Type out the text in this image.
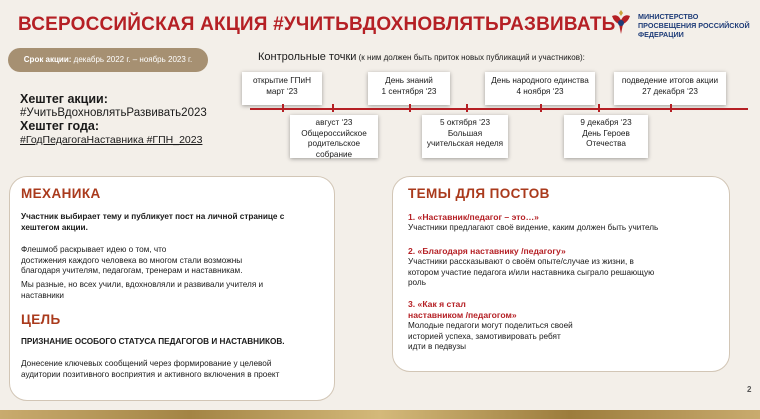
ВСЕРОССИЙСКАЯ АКЦИЯ #УЧИТЬВДОХНОВЛЯТЬРАЗВИВАТЬ	МИНИСТЕРСТВО ПРОСВЕЩЕНИЯ РОССИЙСКОЙ ФЕДЕРАЦИИ
Срок акции: декабрь 2022 г. – ноябрь 2023 г.
Хештег акции:
#УчитьВдохновлятьРазвивать2023
Хештег года:
#ГодПедагогаНаставника #ГПН_2023
Контрольные точки (к ним должен быть приток новых публикаций и участников):
открытие ГПиН
март ‘23
День знаний
1 сентября ‘23
День народного единства
4 ноября ‘23
подведение итогов акции
27 декабря ‘23
август ‘23
Общероссийское
родительское собрание
5 октября ‘23
Большая
учительская неделя
9 декабря ‘23
День Героев
Отечества
МЕХАНИКА
Участник выбирает тему и публикует пост на личной странице с хештегом акции.
Флешмоб раскрывает идею о том, что
достижения каждого человека во многом стали возможны
благодаря учителям, педагогам, тренерам и наставникам.
Мы разные, но всех учили, вдохновляли и развивали учителя и
наставники
ЦЕЛЬ
ПРИЗНАНИЕ ОСОБОГО СТАТУСА ПЕДАГОГОВ И НАСТАВНИКОВ.
Донесение ключевых сообщений через формирование у целевой
аудитории позитивного восприятия и активного включения в проект
ТЕМЫ ДЛЯ ПОСТОВ
1. «Наставник/педагог – это…»
Участники предлагают своё видение, каким должен быть учитель
2. «Благодаря наставнику /педагогу»
Участники рассказывают о своём опыте/случае из жизни, в
котором участие педагога и/или наставника сыграло решающую
роль
3. «Как я стал
наставником /педагогом»
Молодые педагоги могут поделиться своей
историей успеха, замотивировать ребят
идти в педвузы
2
